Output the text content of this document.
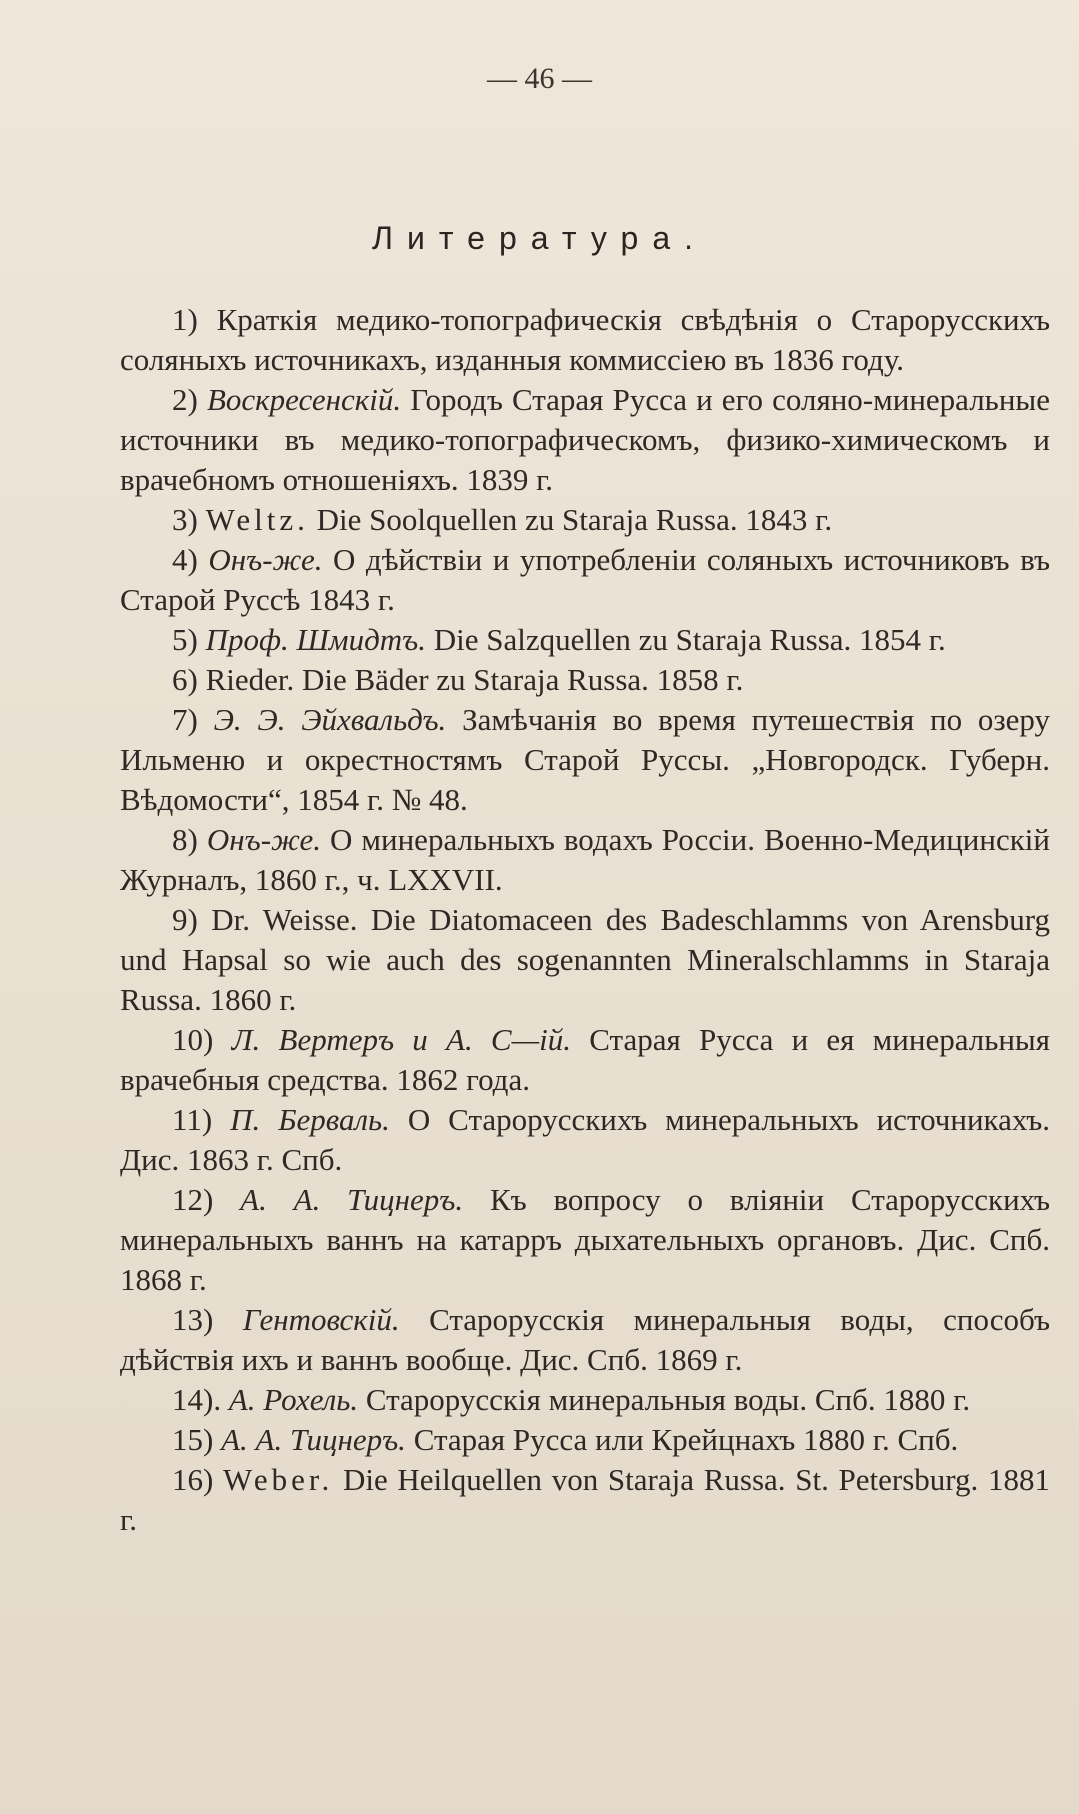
— 46 —
Литература.

1) Краткія медико-топографическія свѣдѣнія о Старорусскихъ соляныхъ источникахъ, изданныя коммиссіею въ 1836 году.

2) Воскресенскій. Городъ Старая Русса и его соляно-минеральные источники въ медико-топографическомъ, физико-химическомъ и врачебномъ отношеніяхъ. 1839 г.

3) Weltz. Die Soolquellen zu Staraja Russa. 1843 г.

4) Онъ-же. О дѣйствіи и употребленіи соляныхъ источниковъ въ Старой Руссѣ 1843 г.

5) Проф. Шмидтъ. Die Salzquellen zu Staraja Russa. 1854 г.

6) Rieder. Die Bäder zu Staraja Russa. 1858 г.

7) Э. Э. Эйхвальдъ. Замѣчанія во время путешествія по озеру Ильменю и окрестностямъ Старой Руссы. „Новгородск. Губерн. Вѣдомости“, 1854 г. № 48.

8) Онъ-же. О минеральныхъ водахъ Россіи. Военно-Медицинскій Журналъ, 1860 г., ч. LXXVII.

9) Dr. Weisse. Die Diatomaceen des Badeschlamms von Arensburg und Hapsal so wie auch des sogenannten Mineralschlamms in Staraja Russa. 1860 г.

10) Л. Вертеръ и А. С—ій. Старая Русса и ея минеральныя врачебныя средства. 1862 года.

11) П. Берваль. О Старорусскихъ минеральныхъ источникахъ. Дис. 1863 г. Спб.

12) А. А. Тицнеръ. Къ вопросу о вліяніи Старорусскихъ минеральныхъ ваннъ на катарръ дыхательныхъ органовъ. Дис. Спб. 1868 г.

13) Гентовскій. Старорусскія минеральныя воды, способъ дѣйствія ихъ и ваннъ вообще. Дис. Спб. 1869 г.

14). А. Рохель. Старорусскія минеральныя воды. Спб. 1880 г.

15) А. А. Тицнеръ. Старая Русса или Крейцнахъ 1880 г. Спб.

16) Weber. Die Heilquellen von Staraja Russa. St. Petersburg. 1881 г.
